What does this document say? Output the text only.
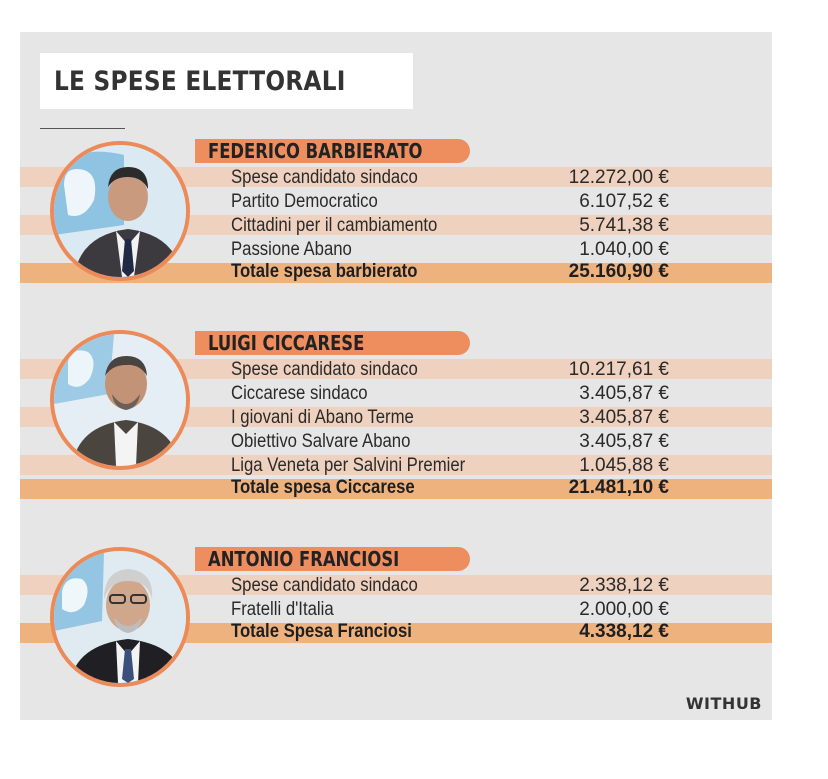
LE SPESE ELETTORALI
FEDERICO BARBIERATO
Spese candidato sindaco	12.272,00 €
Partito Democratico	6.107,52 €
Cittadini per il cambiamento	5.741,38 €
Passione Abano	1.040,00 €
Totale spesa barbierato	25.160,90 €
LUIGI CICCARESE
Spese candidato sindaco	10.217,61 €
Ciccarese sindaco	3.405,87 €
I giovani di Abano Terme	3.405,87 €
Obiettivo Salvare Abano	3.405,87 €
Liga Veneta per Salvini Premier	1.045,88 €
Totale spesa Ciccarese	21.481,10 €
ANTONIO FRANCIOSI
Spese candidato sindaco	2.338,12 €
Fratelli d'Italia	2.000,00 €
Totale Spesa Franciosi	4.338,12 €
WITHUB
